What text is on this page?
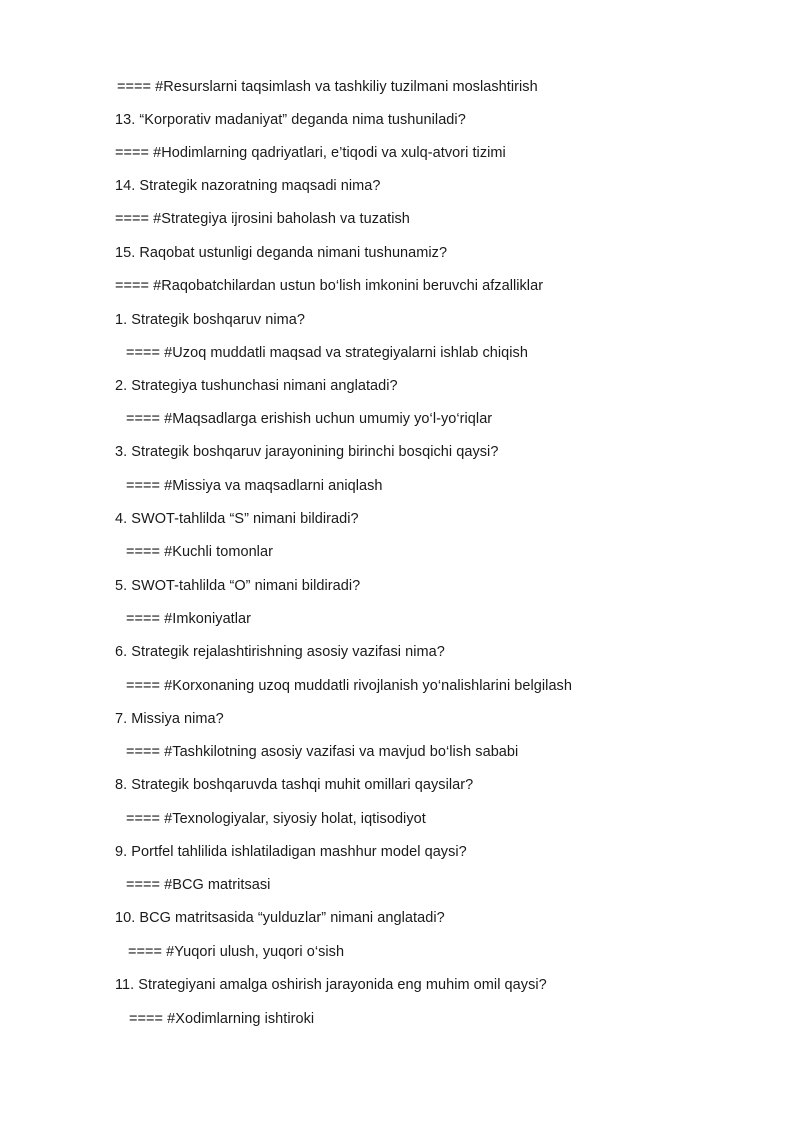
==== #Resurslarni taqsimlash va tashkiliy tuzilmani moslashtirish
13. “Korporativ madaniyat” deganda nima tushuniladi?
==== #Hodimlarning qadriyatlari, e’tiqodi va xulq-atvori tizimi
14. Strategik nazoratning maqsadi nima?
==== #Strategiya ijrosini baholash va tuzatish
15. Raqobat ustunligi deganda nimani tushunamiz?
==== #Raqobatchilardan ustun bo‘lish imkonini beruvchi afzalliklar
1. Strategik boshqaruv nima?
==== #Uzoq muddatli maqsad va strategiyalarni ishlab chiqish
2. Strategiya tushunchasi nimani anglatadi?
==== #Maqsadlarga erishish uchun umumiy yo‘l-yo‘riqlar
3. Strategik boshqaruv jarayonining birinchi bosqichi qaysi?
==== #Missiya va maqsadlarni aniqlash
4. SWOT-tahlilda “S” nimani bildiradi?
==== #Kuchli tomonlar
5. SWOT-tahlilda “O” nimani bildiradi?
==== #Imkoniyatlar
6. Strategik rejalashtirishning asosiy vazifasi nima?
==== #Korxonaning uzoq muddatli rivojlanish yo‘nalishlarini belgilash
7. Missiya nima?
==== #Tashkilotning asosiy vazifasi va mavjud bo‘lish sababi
8. Strategik boshqaruvda tashqi muhit omillari qaysilar?
==== #Texnologiyalar, siyosiy holat, iqtisodiyot
9. Portfel tahlilida ishlatiladigan mashhur model qaysi?
==== #BCG matritsasi
10. BCG matritsasida “yulduzlar” nimani anglatadi?
==== #Yuqori ulush, yuqori o‘sish
11. Strategiyani amalga oshirish jarayonida eng muhim omil qaysi?
==== #Xodimlarning ishtiroki
